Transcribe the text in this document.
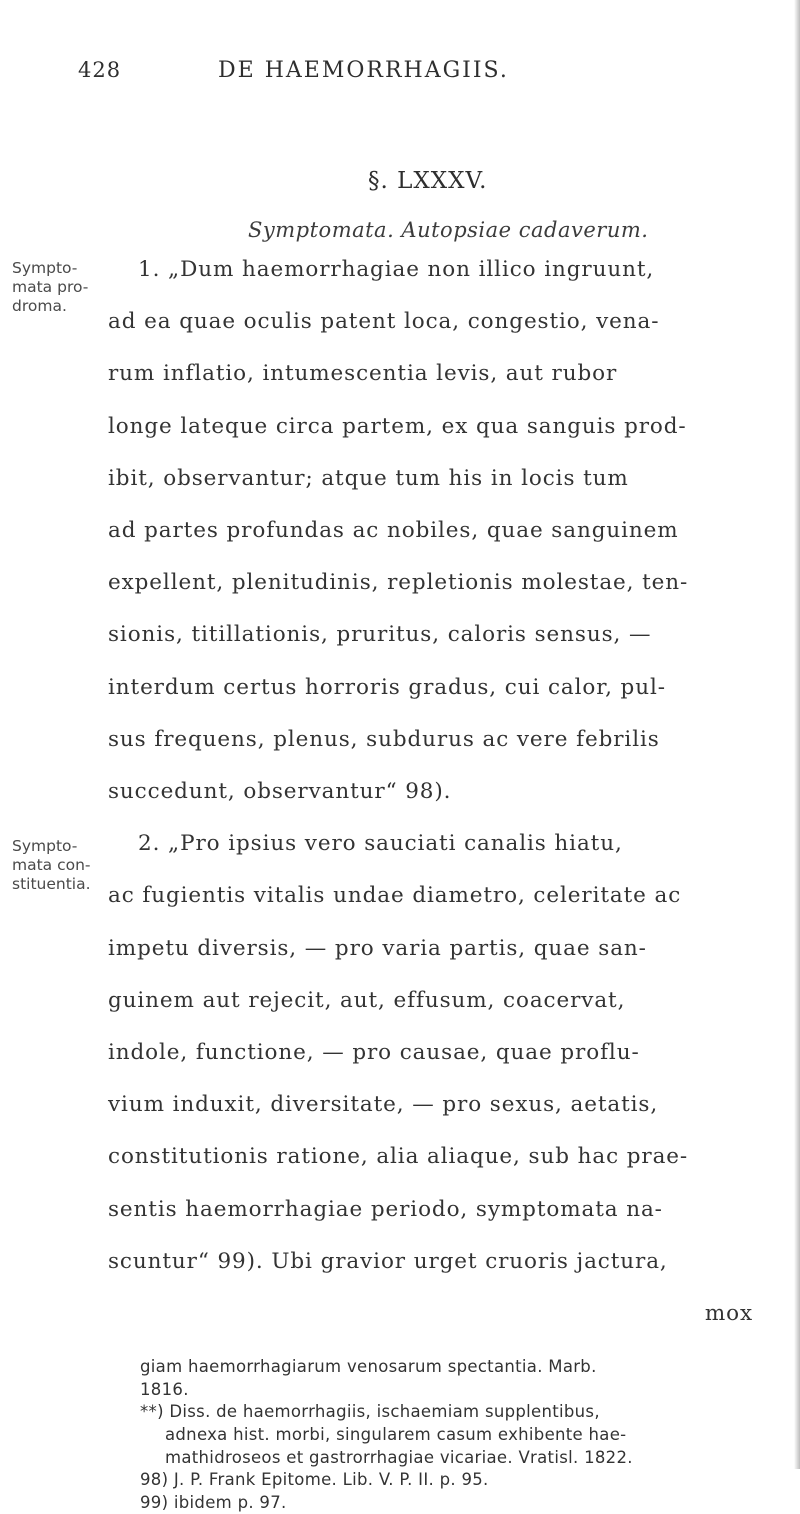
428	DE HAEMORRHAGIIS.
§. LXXXV.
Symptomata. Autopsiae cadaverum.
Sympto-
mata pro-
droma.
Sympto-
mata con-
stituentia.
1. „Dum haemorrhagiae non illico ingruunt,
ad ea quae oculis patent loca, congestio, vena-
rum inflatio, intumescentia levis, aut rubor
longe lateque circa partem, ex qua sanguis prod-
ibit, observantur; atque tum his in locis tum
ad partes profundas ac nobiles, quae sanguinem
expellent, plenitudinis, repletionis molestae, ten-
sionis, titillationis, pruritus, caloris sensus, —
interdum certus horroris gradus, cui calor, pul-
sus frequens, plenus, subdurus ac vere febrilis
succedunt, observantur“ 98).
2. „Pro ipsius vero sauciati canalis hiatu,
ac fugientis vitalis undae diametro, celeritate ac
impetu diversis, — pro varia partis, quae san-
guinem aut rejecit, aut, effusum, coacervat,
indole, functione, — pro causae, quae proflu-
vium induxit, diversitate, — pro sexus, aetatis,
constitutionis ratione, alia aliaque, sub hac prae-
sentis haemorrhagiae periodo, symptomata na-
scuntur“ 99). Ubi gravior urget cruoris jactura,
mox
giam haemorrhagiarum venosarum spectantia. Marb.
1816.
**) Diss. de haemorrhagiis, ischaemiam supplentibus,
adnexa hist. morbi, singularem casum exhibente hae-
mathidroseos et gastrorrhagiae vicariae. Vratisl. 1822.
98) J. P. Frank Epitome. Lib. V. P. II. p. 95.
99) ibidem p. 97.
